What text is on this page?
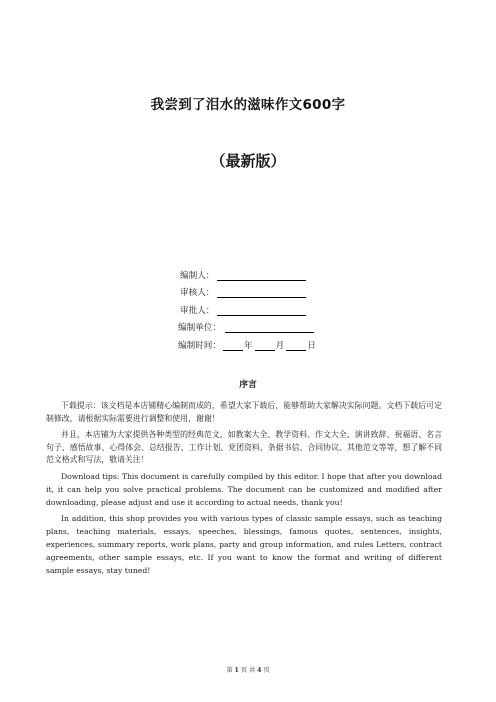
我尝到了泪水的滋味作文600字
（最新版）
编制人：
审核人：
审批人：
编制单位：
编制时间：	年	月	日
序言

下载提示：该文档是本店铺精心编制而成的，希望大家下载后，能够帮助大家解决实际问题。文档下载后可定制修改，请根据实际需要进行调整和使用，谢谢！

并且，本店铺为大家提供各种类型的经典范文，如教案大全、教学资料、作文大全、演讲致辞、祝福语、名言句子、感悟故事、心得体会、总结报告、工作计划、党团资料、条据书信、合同协议、其他范文等等，想了解不同范文格式和写法，敬请关注！

Download tips: This document is carefully compiled by this editor. I hope that after you download it, it can help you solve practical problems. The document can be customized and modified after downloading, please adjust and use it according to actual needs, thank you!

In addition, this shop provides you with various types of classic sample essays, such as teaching plans, teaching materials, essays, speeches, blessings, famous quotes, sentences, insights, experiences, summary reports, work plans, party and group information, and rules Letters, contract agreements, other sample essays, etc. If you want to know the format and writing of different sample essays, stay tuned!

第 1 页 共 4 页
